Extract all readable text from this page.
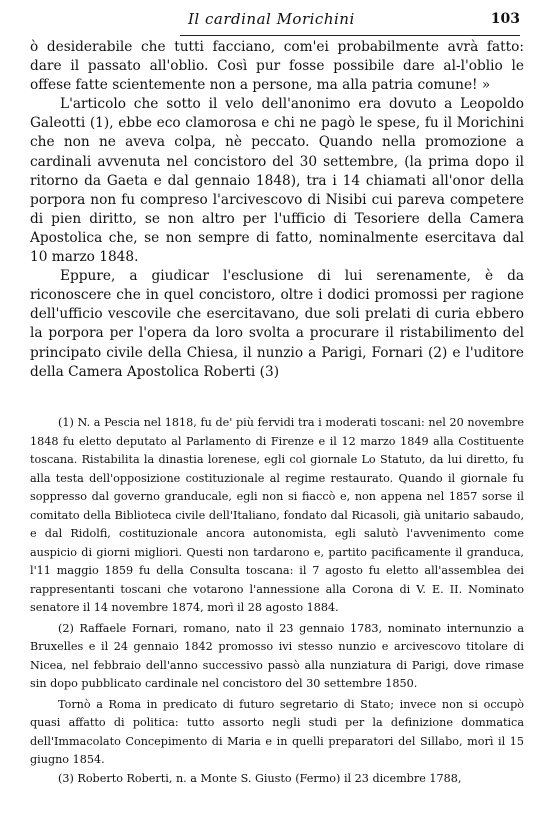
Il cardinal Morichini	103

ò desiderabile che tutti facciano, com'ei probabilmente avrà fatto: dare il passato all'oblio. Così pur fosse possibile dare al-l'oblio le offese fatte scientemente non a persone, ma alla patria comune! »

L'articolo che sotto il velo dell'anonimo era dovuto a Leopoldo Galeotti (1), ebbe eco clamorosa e chi ne pagò le spese, fu il Morichini che non ne aveva colpa, nè peccato. Quando nella promozione a cardinali avvenuta nel concistoro del 30 settembre, (la prima dopo il ritorno da Gaeta e dal gennaio 1848), tra i 14 chiamati all'onor della porpora non fu compreso l'arcivescovo di Nisibi cui pareva competere di pien diritto, se non altro per l'ufficio di Tesoriere della Camera Apostolica che, se non sempre di fatto, nominalmente esercitava dal 10 marzo 1848.

Eppure, a giudicar l'esclusione di lui serenamente, è da riconoscere che in quel concistoro, oltre i dodici promossi per ragione dell'ufficio vescovile che esercitavano, due soli prelati di curia ebbero la porpora per l'opera da loro svolta a procurare il ristabilimento del principato civile della Chiesa, il nunzio a Parigi, Fornari (2) e l'uditore della Camera Apostolica Roberti (3)

(1) N. a Pescia nel 1818, fu de' più fervidi tra i moderati toscani: nel 20 novembre 1848 fu eletto deputato al Parlamento di Firenze e il 12 marzo 1849 alla Costituente toscana. Ristabilita la dinastia lorenese, egli col giornale Lo Statuto, da lui diretto, fu alla testa dell'opposizione costituzionale al regime restaurato. Quando il giornale fu soppresso dal governo granducale, egli non si fiaccò e, non appena nel 1857 sorse il comitato della Biblioteca civile dell'Italiano, fondato dal Ricasoli, già unitario sabaudo, e dal Ridolfi, costituzionale ancora autonomista, egli salutò l'avvenimento come auspicio di giorni migliori. Questi non tardarono e, partito pacificamente il granduca, l'11 maggio 1859 fu della Consulta toscana: il 7 agosto fu eletto all'assemblea dei rappresentanti toscani che votarono l'annessione alla Corona di V. E. II. Nominato senatore il 14 novembre 1874, morì il 28 agosto 1884.

(2) Raffaele Fornari, romano, nato il 23 gennaio 1783, nominato internunzio a Bruxelles e il 24 gennaio 1842 promosso ivi stesso nunzio e arcivescovo titolare di Nicea, nel febbraio dell'anno successivo passò alla nunziatura di Parigi, dove rimase sin dopo pubblicato cardinale nel concistoro del 30 settembre 1850.

Tornò a Roma in predicato di futuro segretario di Stato; invece non si occupò quasi affatto di politica: tutto assorto negli studi per la definizione dommatica dell'Immacolato Concepimento di Maria e in quelli preparatori del Sillabo, morì il 15 giugno 1854.

(3) Roberto Roberti, n. a Monte S. Giusto (Fermo) il 23 dicembre 1788,
